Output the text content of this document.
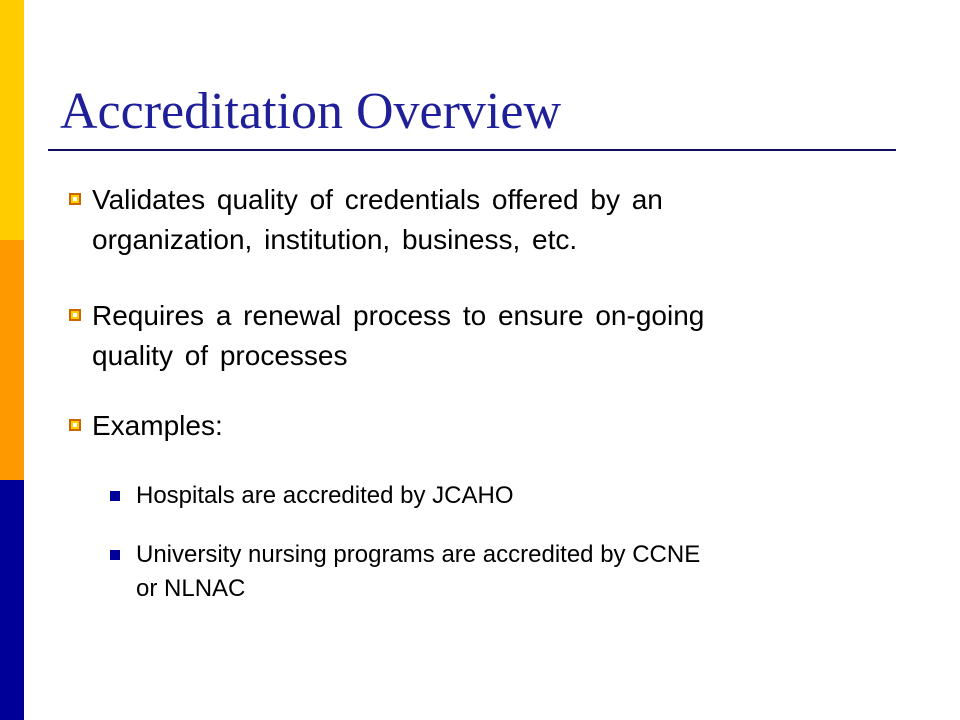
Accreditation Overview
Validates quality of credentials offered by an
organization, institution, business, etc.
Requires a renewal process to ensure on-going
quality of processes
Examples:
Hospitals are accredited by JCAHO
University nursing programs are accredited by CCNE
or NLNAC
